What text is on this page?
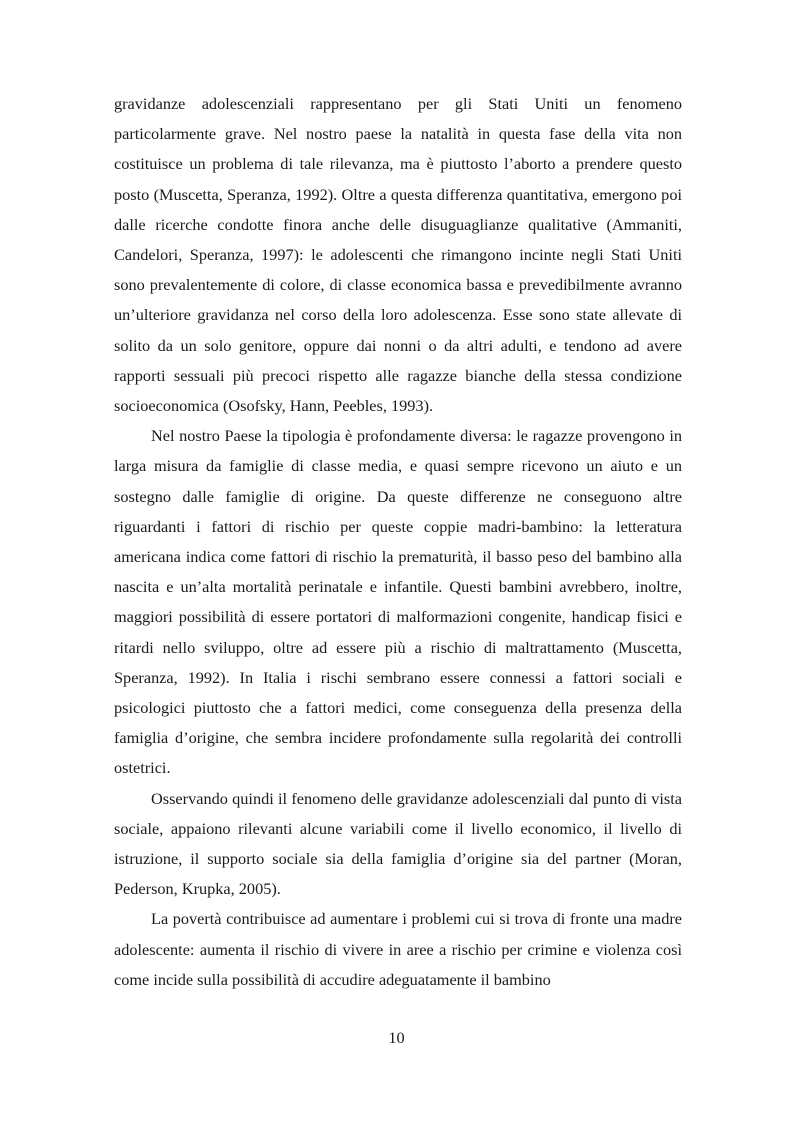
gravidanze adolescenziali rappresentano per gli Stati Uniti un fenomeno particolarmente grave. Nel nostro paese la natalità in questa fase della vita non costituisce un problema di tale rilevanza, ma è piuttosto l’aborto a prendere questo posto (Muscetta, Speranza, 1992). Oltre a questa differenza quantitativa, emergono poi dalle ricerche condotte finora anche delle disuguaglianze qualitative (Ammaniti, Candelori, Speranza, 1997): le adolescenti che rimangono incinte negli Stati Uniti sono prevalentemente di colore, di classe economica bassa e prevedibilmente avranno un’ulteriore gravidanza nel corso della loro adolescenza. Esse sono state allevate di solito da un solo genitore, oppure dai nonni o da altri adulti, e tendono ad avere rapporti sessuali più precoci rispetto alle ragazze bianche della stessa condizione socioeconomica (Osofsky, Hann, Peebles, 1993).

Nel nostro Paese la tipologia è profondamente diversa: le ragazze provengono in larga misura da famiglie di classe media, e quasi sempre ricevono un aiuto e un sostegno dalle famiglie di origine. Da queste differenze ne conseguono altre riguardanti i fattori di rischio per queste coppie madri-bambino: la letteratura americana indica come fattori di rischio la prematurità, il basso peso del bambino alla nascita e un’alta mortalità perinatale e infantile. Questi bambini avrebbero, inoltre, maggiori possibilità di essere portatori di malformazioni congenite, handicap fisici e ritardi nello sviluppo, oltre ad essere più a rischio di maltrattamento (Muscetta, Speranza, 1992). In Italia i rischi sembrano essere connessi a fattori sociali e psicologici piuttosto che a fattori medici, come conseguenza della presenza della famiglia d’origine, che sembra incidere profondamente sulla regolarità dei controlli ostetrici.

Osservando quindi il fenomeno delle gravidanze adolescenziali dal punto di vista sociale, appaiono rilevanti alcune variabili come il livello economico, il livello di istruzione, il supporto sociale sia della famiglia d’origine sia del partner (Moran, Pederson, Krupka, 2005).

La povertà contribuisce ad aumentare i problemi cui si trova di fronte una madre adolescente: aumenta il rischio di vivere in aree a rischio per crimine e violenza così come incide sulla possibilità di accudire adeguatamente il bambino

10
